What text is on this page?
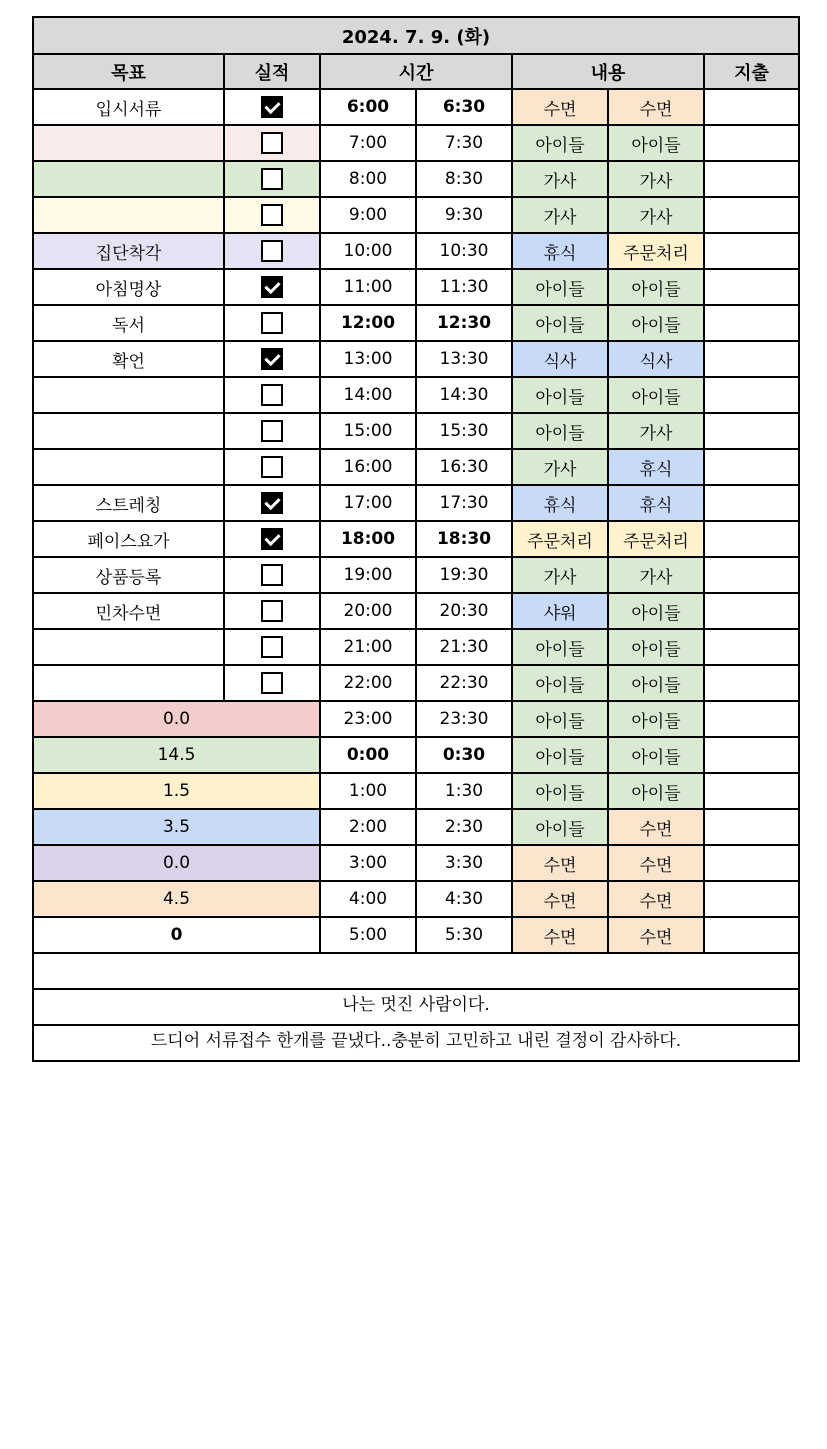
2024. 7. 9. (화)						
목표	실적	시간		내용		지출
입시서류		6:00	6:30	수면	수면	
		7:00	7:30	아이들	아이들	
		8:00	8:30	가사	가사	
		9:00	9:30	가사	가사	
집단착각		10:00	10:30	휴식	주문처리	
아침명상		11:00	11:30	아이들	아이들	
독서		12:00	12:30	아이들	아이들	
확언		13:00	13:30	식사	식사	
		14:00	14:30	아이들	아이들	
		15:00	15:30	아이들	가사	
		16:00	16:30	가사	휴식	
스트레칭		17:00	17:30	휴식	휴식	
페이스요가		18:00	18:30	주문처리	주문처리	
상품등록		19:00	19:30	가사	가사	
민차수면		20:00	20:30	샤워	아이들	
		21:00	21:30	아이들	아이들	
		22:00	22:30	아이들	아이들	
0.0		23:00	23:30	아이들	아이들	
14.5		0:00	0:30	아이들	아이들	
1.5		1:00	1:30	아이들	아이들	
3.5		2:00	2:30	아이들	수면	
0.0		3:00	3:30	수면	수면	
4.5		4:00	4:30	수면	수면	
0		5:00	5:30	수면	수면	

나는 멋진 사람이다.						
드디어 서류접수 한개를 끝냈다..충분히 고민하고 내린 결정이 감사하다.						
